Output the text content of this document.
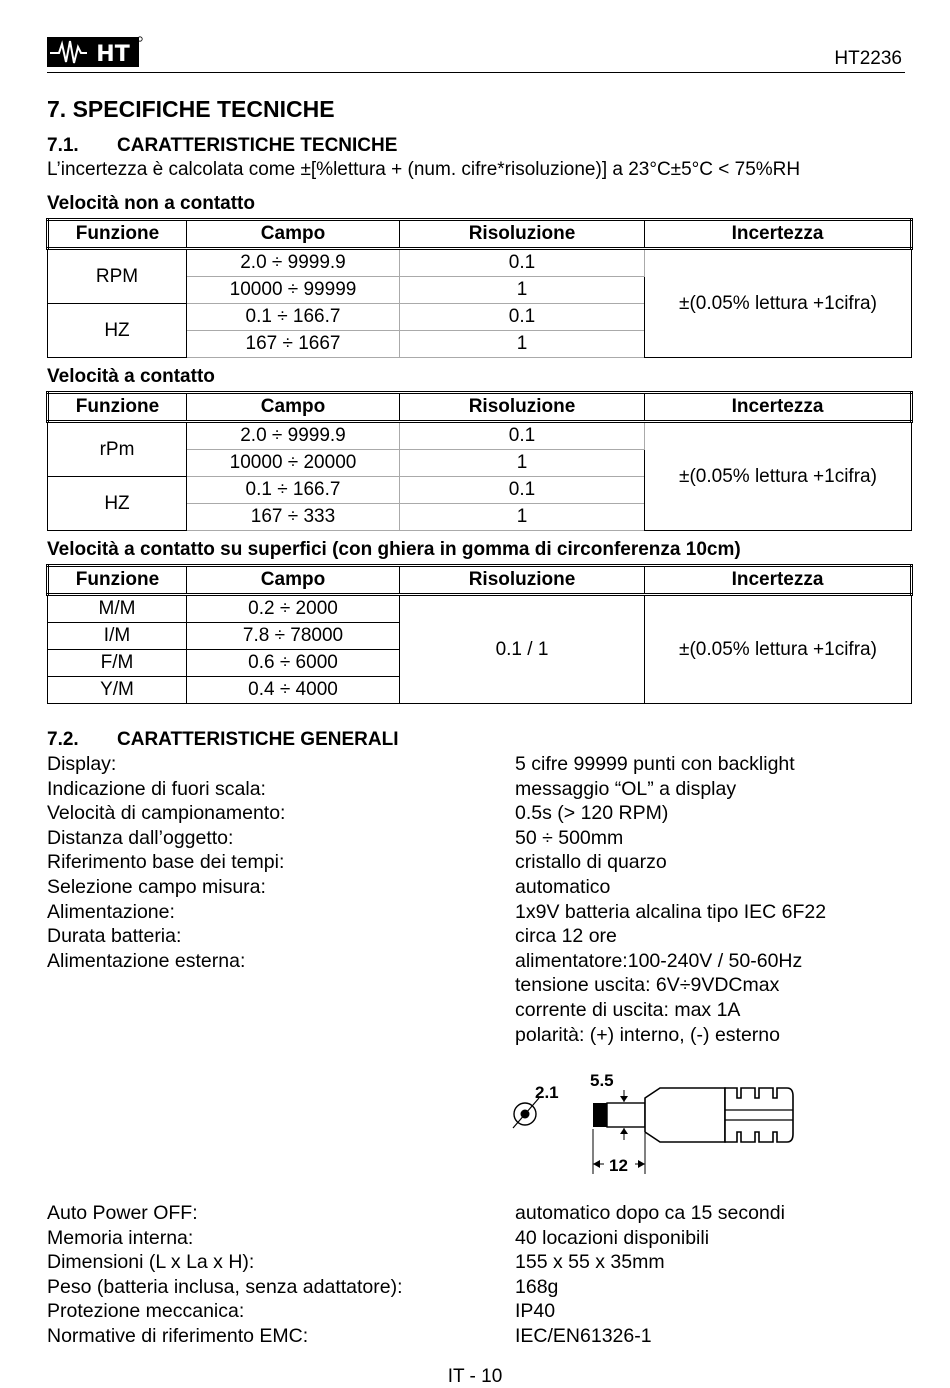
HT	HT2236
7. SPECIFICHE TECNICHE
7.1. CARATTERISTICHE TECNICHE
L’incertezza è calcolata come ±[%lettura + (num. cifre*risoluzione)] a 23°C±5°C < 75%RH
Velocità non a contatto
Funzione	Campo	Risoluzione	Incertezza
RPM	2.0 ÷ 9999.9	0.1	±(0.05% lettura +1cifra)
	10000 ÷ 99999	1	
HZ	0.1 ÷ 166.7	0.1	
	167 ÷ 1667	1	
Velocità a contatto
Funzione	Campo	Risoluzione	Incertezza
rPm	2.0 ÷ 9999.9	0.1	±(0.05% lettura +1cifra)
	10000 ÷ 20000	1	
HZ	0.1 ÷ 166.7	0.1	
	167 ÷ 333	1	
Velocità a contatto su superfici (con ghiera in gomma di circonferenza 10cm)
Funzione	Campo	Risoluzione	Incertezza
M/M	0.2 ÷ 2000	0.1 / 1	±(0.05% lettura +1cifra)
I/M	7.8 ÷ 78000		
F/M	0.6 ÷ 6000		
Y/M	0.4 ÷ 4000		
7.2. CARATTERISTICHE GENERALI
Display:	5 cifre 99999 punti con backlight
Indicazione di fuori scala:	messaggio “OL” a display
Velocità di campionamento:	0.5s (> 120 RPM)
Distanza dall’oggetto:	50 ÷ 500mm
Riferimento base dei tempi:	cristallo di quarzo
Selezione campo misura:	automatico
Alimentazione:	1x9V batteria alcalina tipo IEC 6F22
Durata batteria:	circa 12 ore
Alimentazione esterna:	alimentatore:100-240V / 50-60Hz
tensione uscita: 6V÷9VDCmax
corrente di uscita: max 1A
polarità: (+) interno, (-) esterno
2.1
5.5
12
Auto Power OFF:	automatico dopo ca 15 secondi
Memoria interna:	40 locazioni disponibili
Dimensioni (L x La x H):	155 x 55 x 35mm
Peso (batteria inclusa, senza adattatore):	168g
Protezione meccanica:	IP40
Normative di riferimento EMC:	IEC/EN61326-1
IT - 10
